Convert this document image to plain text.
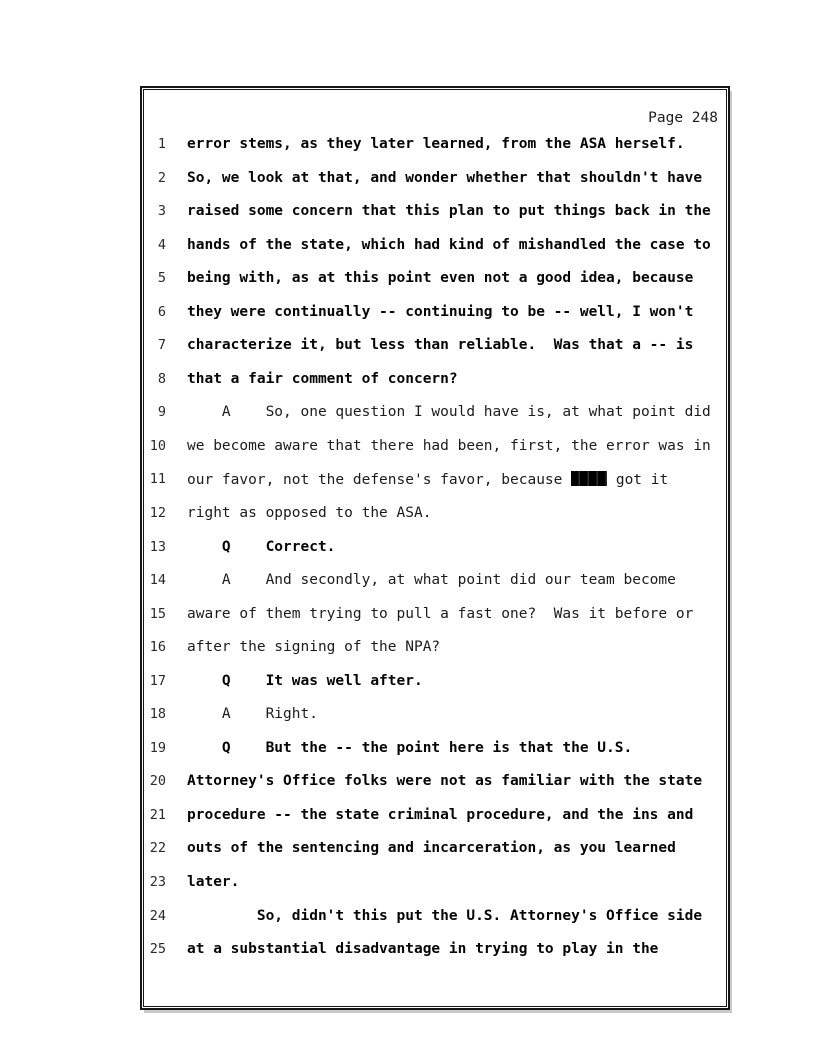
Page 248
1 error stems, as they later learned, from the ASA herself.
2 So, we look at that, and wonder whether that shouldn't have
3 raised some concern that this plan to put things back in the
4 hands of the state, which had kind of mishandled the case to
5 being with, as at this point even not a good idea, because
6 they were continually -- continuing to be -- well, I won't
7 characterize it, but less than reliable.  Was that a -- is
8 that a fair comment of concern?
9 A    So, one question I would have is, at what point did
10 we become aware that there had been, first, the error was in
11 our favor, not the defense's favor, because  got it
12 right as opposed to the ASA.
13 Q    Correct.
14 A    And secondly, at what point did our team become
15 aware of them trying to pull a fast one?  Was it before or
16 after the signing of the NPA?
17 Q    It was well after.
18 A    Right.
19 Q    But the -- the point here is that the U.S.
20 Attorney's Office folks were not as familiar with the state
21 procedure -- the state criminal procedure, and the ins and
22 outs of the sentencing and incarceration, as you learned
23 later.
24 So, didn't this put the U.S. Attorney's Office side
25 at a substantial disadvantage in trying to play in the
